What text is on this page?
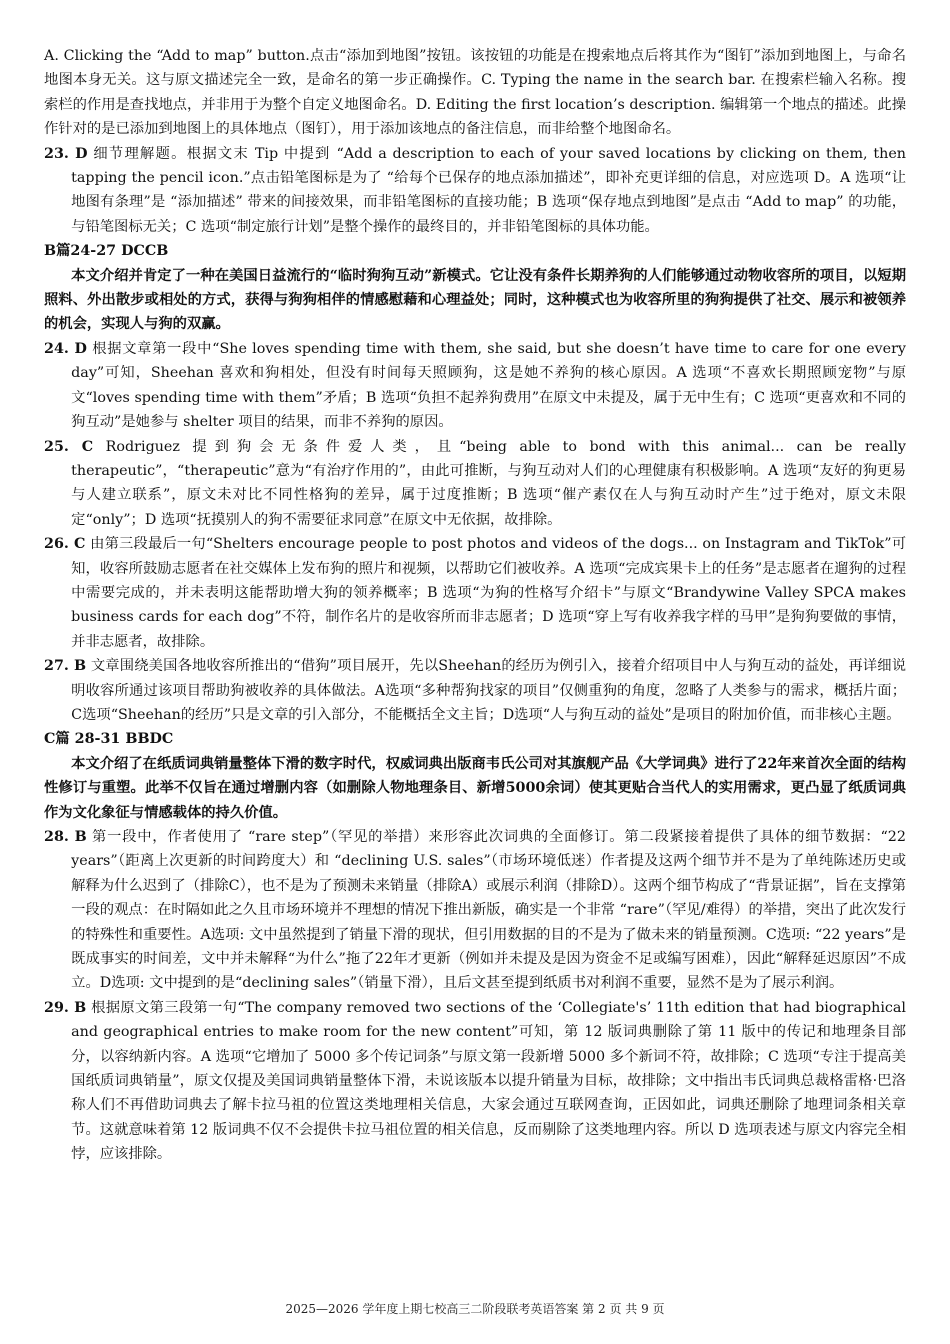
A. Clicking the “Add to map” button.点击“添加到地图”按钮。该按钮的功能是在搜索地点后将其作为“图钉”添加到地图上，与命名地图本身无关。这与原文描述完全一致，是命名的第一步正确操作。C. Typing the name in the search bar. 在搜索栏输入名称。搜索栏的作用是查找地点，并非用于为整个自定义地图命名。D. Editing the first location’s description. 编辑第一个地点的描述。此操作针对的是已添加到地图上的具体地点（图钉），用于添加该地点的备注信息，而非给整个地图命名。

23. D 细节理解题。根据文末 Tip 中提到 “Add a description to each of your saved locations by clicking on them, then tapping the pencil icon.”点击铅笔图标是为了 “给每个已保存的地点添加描述”，即补充更详细的信息，对应选项 D。A 选项“让地图有条理”是 “添加描述” 带来的间接效果，而非铅笔图标的直接功能；B 选项“保存地点到地图”是点击 “Add to map” 的功能，与铅笔图标无关；C 选项“制定旅行计划”是整个操作的最终目的，并非铅笔图标的具体功能。

B篇24-27 DCCB

本文介绍并肯定了一种在美国日益流行的“临时狗狗互动”新模式。它让没有条件长期养狗的人们能够通过动物收容所的项目，以短期照料、外出散步或相处的方式，获得与狗狗相伴的情感慰藉和心理益处；同时，这种模式也为收容所里的狗狗提供了社交、展示和被领养的机会，实现人与狗的双赢。

24. D 根据文章第一段中“She loves spending time with them, she said, but she doesn’t have time to care for one every day”可知，Sheehan 喜欢和狗相处，但没有时间每天照顾狗，这是她不养狗的核心原因。A 选项“不喜欢长期照顾宠物”与原文“loves spending time with them”矛盾；B 选项“负担不起养狗费用”在原文中未提及，属于无中生有；C 选项“更喜欢和不同的狗互动”是她参与 shelter 项目的结果，而非不养狗的原因。

25. C Rodriguez 提到狗会无条件爱人类，且“being able to bond with this animal... can be really therapeutic”，“therapeutic”意为“有治疗作用的”，由此可推断，与狗互动对人们的心理健康有积极影响。A 选项“友好的狗更易与人建立联系”，原文未对比不同性格狗的差异，属于过度推断；B 选项“催产素仅在人与狗互动时产生”过于绝对，原文未限定“only”；D 选项“抚摸别人的狗不需要征求同意”在原文中无依据，故排除。

26. C 由第三段最后一句“Shelters encourage people to post photos and videos of the dogs... on Instagram and TikTok”可知，收容所鼓励志愿者在社交媒体上发布狗的照片和视频，以帮助它们被收养。A 选项“完成宾果卡上的任务”是志愿者在遛狗的过程中需要完成的，并未表明这能帮助增大狗的领养概率；B 选项“为狗的性格写介绍卡”与原文“Brandywine Valley SPCA makes business cards for each dog”不符，制作名片的是收容所而非志愿者；D 选项“穿上写有收养我字样的马甲”是狗狗要做的事情，并非志愿者，故排除。

27. B 文章围绕美国各地收容所推出的“借狗”项目展开，先以Sheehan的经历为例引入，接着介绍项目中人与狗互动的益处，再详细说明收容所通过该项目帮助狗被收养的具体做法。A选项“多种帮狗找家的项目”仅侧重狗的角度，忽略了人类参与的需求，概括片面；C选项“Sheehan的经历”只是文章的引入部分，不能概括全文主旨；D选项“人与狗互动的益处”是项目的附加价值，而非核心主题。

C篇 28-31 BBDC

本文介绍了在纸质词典销量整体下滑的数字时代，权威词典出版商韦氏公司对其旗舰产品《大学词典》进行了22年来首次全面的结构性修订与重塑。此举不仅旨在通过增删内容（如删除人物地理条目、新增5000余词）使其更贴合当代人的实用需求，更凸显了纸质词典作为文化象征与情感载体的持久价值。

28. B 第一段中，作者使用了 “rare step”（罕见的举措）来形容此次词典的全面修订。第二段紧接着提供了具体的细节数据：“22 years”（距离上次更新的时间跨度大）和 “declining U.S. sales”（市场环境低迷）作者提及这两个细节并不是为了单纯陈述历史或解释为什么迟到了（排除C），也不是为了预测未来销量（排除A）或展示利润（排除D）。这两个细节构成了“背景证据”，旨在支撑第一段的观点：在时隔如此之久且市场环境并不理想的情况下推出新版，确实是一个非常 “rare”（罕见/难得）的举措，突出了此次发行的特殊性和重要性。A选项: 文中虽然提到了销量下滑的现状，但引用数据的目的不是为了做未来的销量预测。C选项: “22 years”是既成事实的时间差，文中并未解释“为什么”拖了22年才更新（例如并未提及是因为资金不足或编写困难），因此“解释延迟原因”不成立。D选项: 文中提到的是“declining sales”（销量下滑），且后文甚至提到纸质书对利润不重要，显然不是为了展示利润。

29. B 根据原文第三段第一句“The company removed two sections of the ‘Collegiate's’ 11th edition that had biographical and geographical entries to make room for the new content”可知，第 12 版词典删除了第 11 版中的传记和地理条目部分，以容纳新内容。A 选项“它增加了 5000 多个传记词条”与原文第一段新增 5000 多个新词不符，故排除；C 选项“专注于提高美国纸质词典销量”，原文仅提及美国词典销量整体下滑，未说该版本以提升销量为目标，故排除；文中指出韦氏词典总裁格雷格·巴洛称人们不再借助词典去了解卡拉马祖的位置这类地理相关信息，大家会通过互联网查询，正因如此，词典还删除了地理词条相关章节。这就意味着第 12 版词典不仅不会提供卡拉马祖位置的相关信息，反而剔除了这类地理内容。所以 D 选项表述与原文内容完全相悖，应该排除。

2025—2026 学年度上期七校高三二阶段联考英语答案 第 2 页 共 9 页
